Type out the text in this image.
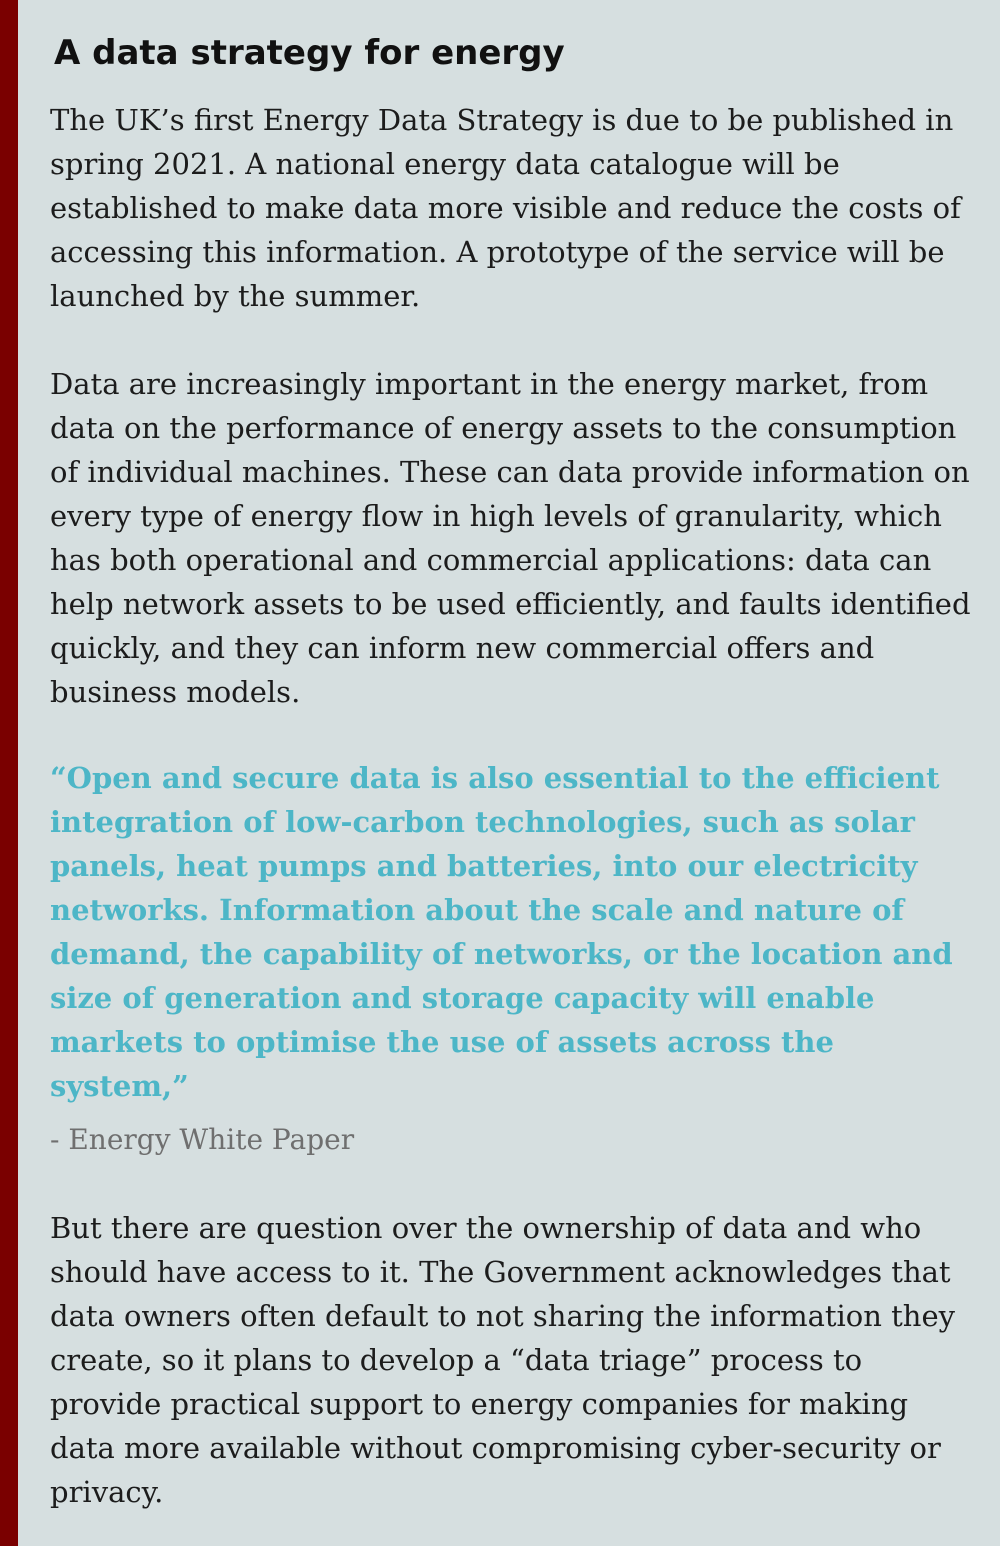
A data strategy for energy

The UK’s first Energy Data Strategy is due to be published in spring 2021. A national energy data catalogue will be established to make data more visible and reduce the costs of accessing this information. A prototype of the service will be launched by the summer.

Data are increasingly important in the energy market, from data on the performance of energy assets to the consumption of individual machines. These can data provide information on every type of energy flow in high levels of granularity, which has both operational and commercial applications: data can help network assets to be used efficiently, and faults identified quickly, and they can inform new commercial offers and business models.

“Open and secure data is also essential to the efficient integration of low-carbon technologies, such as solar panels, heat pumps and batteries, into our electricity networks. Information about the scale and nature of demand, the capability of networks, or the location and size of generation and storage capacity will enable markets to optimise the use of assets across the system,”

- Energy White Paper

But there are question over the ownership of data and who should have access to it. The Government acknowledges that data owners often default to not sharing the information they create, so it plans to develop a “data triage” process to provide practical support to energy companies for making data more available without compromising cyber-security or privacy.
